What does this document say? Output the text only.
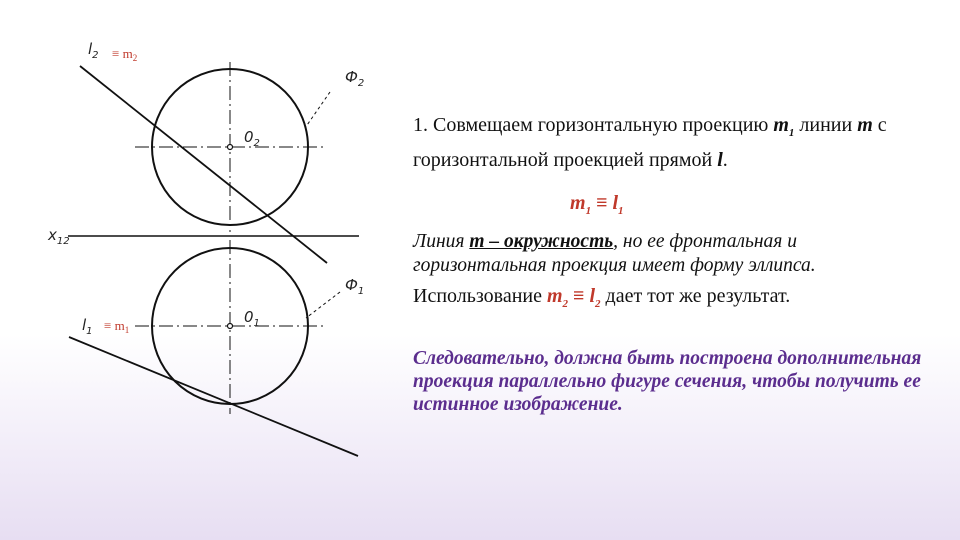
$l_2 \equiv m_2$
$Ф_2$
$0_2$
$x_{12}$
$Ф_1$
$0_1$
$l_1 \equiv m_1$
1. Совмещаем горизонтальную проекцию $m_1$ линии m с горизонтальной проекцией прямой l.
$m_1 \equiv l_1$
Линия m – окружность, но ее фронтальная и горизонтальная проекция имеет форму эллипса.
Использование $m_2 \equiv l_2$ дает тот же результат.
Следовательно, должна быть построена дополнительная проекция параллельно фигуре сечения, чтобы получить ее истинное изображение.
